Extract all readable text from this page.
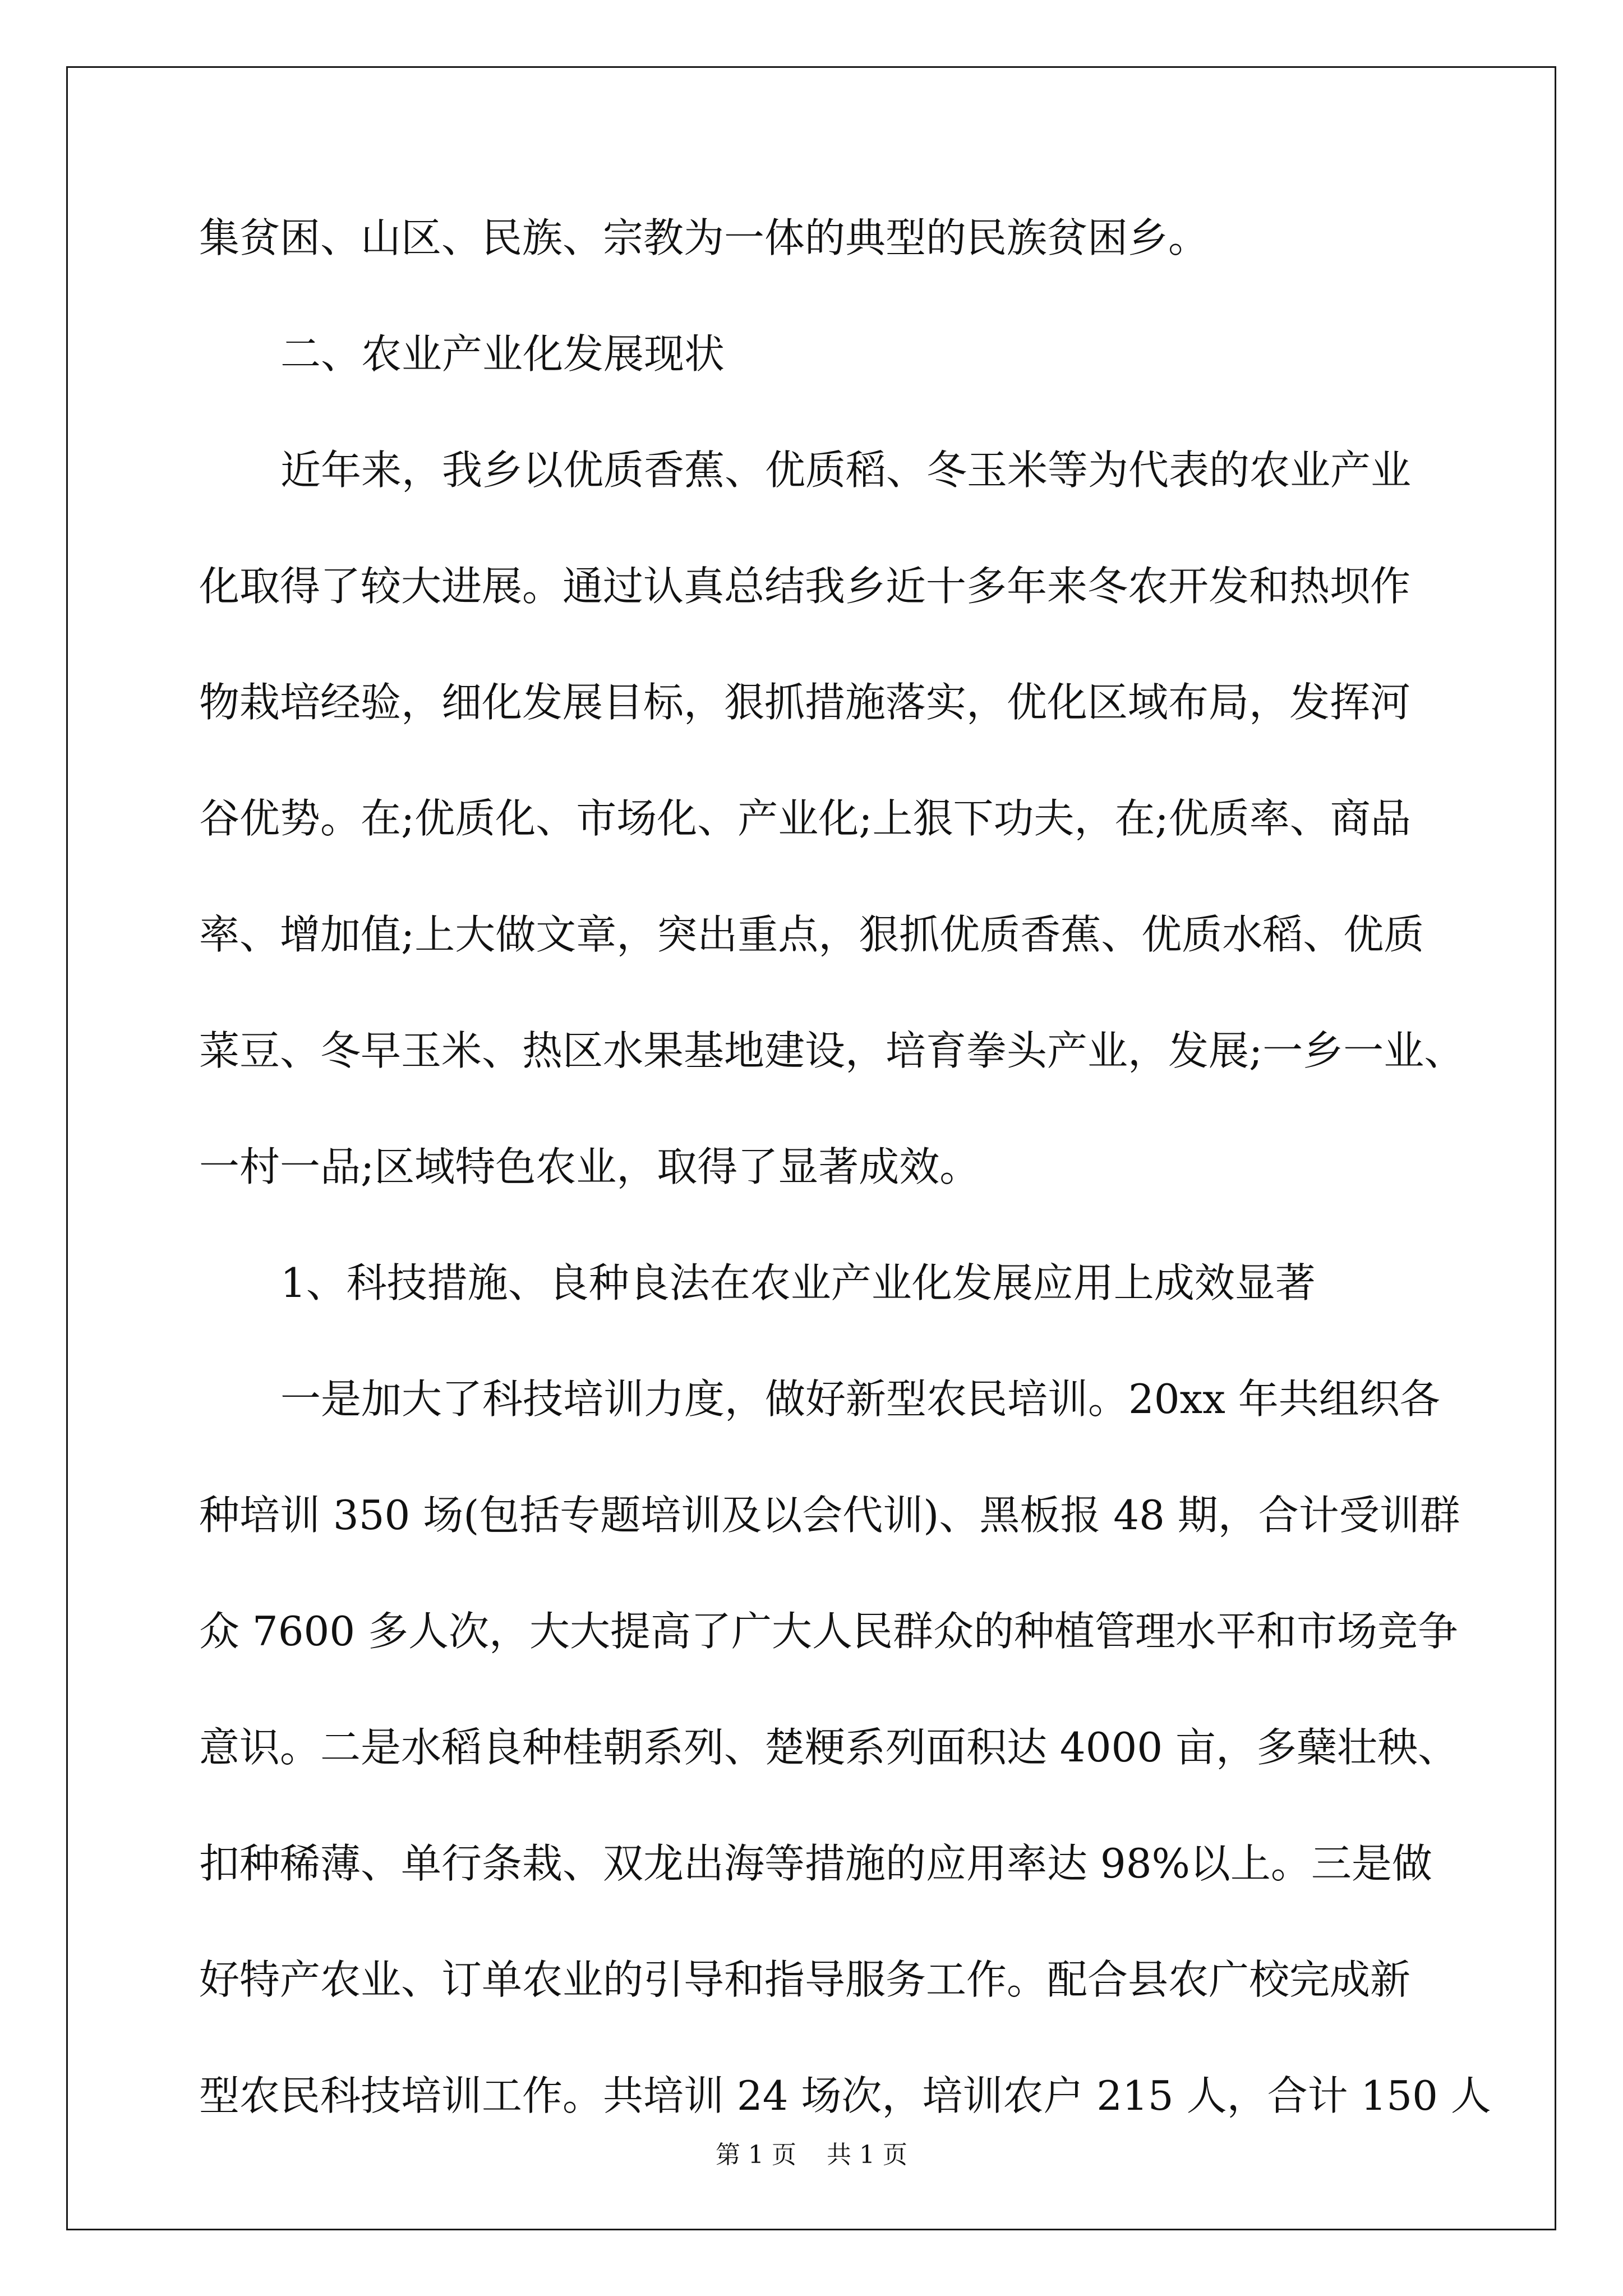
集贫困、山区、民族、宗教为一体的典型的民族贫困乡。
二、农业产业化发展现状
近年来，我乡以优质香蕉、优质稻、冬玉米等为代表的农业产业
化取得了较大进展。通过认真总结我乡近十多年来冬农开发和热坝作
物栽培经验，细化发展目标，狠抓措施落实，优化区域布局，发挥河
谷优势。在;优质化、市场化、产业化;上狠下功夫，在;优质率、商品
率、增加值;上大做文章，突出重点，狠抓优质香蕉、优质水稻、优质
菜豆、冬早玉米、热区水果基地建设，培育拳头产业，发展;一乡一业、
一村一品;区域特色农业，取得了显著成效。
1、科技措施、良种良法在农业产业化发展应用上成效显著
一是加大了科技培训力度，做好新型农民培训。20xx 年共组织各
种培训 350 场(包括专题培训及以会代训)、黑板报 48 期，合计受训群
众 7600 多人次，大大提高了广大人民群众的种植管理水平和市场竞争
意识。二是水稻良种桂朝系列、楚粳系列面积达 4000 亩，多蘖壮秧、
扣种稀薄、单行条栽、双龙出海等措施的应用率达 98%以上。三是做
好特产农业、订单农业的引导和指导服务工作。配合县农广校完成新
型农民科技培训工作。共培训 24 场次，培训农户 215 人，合计 150 人
第 1 页 共 1 页
